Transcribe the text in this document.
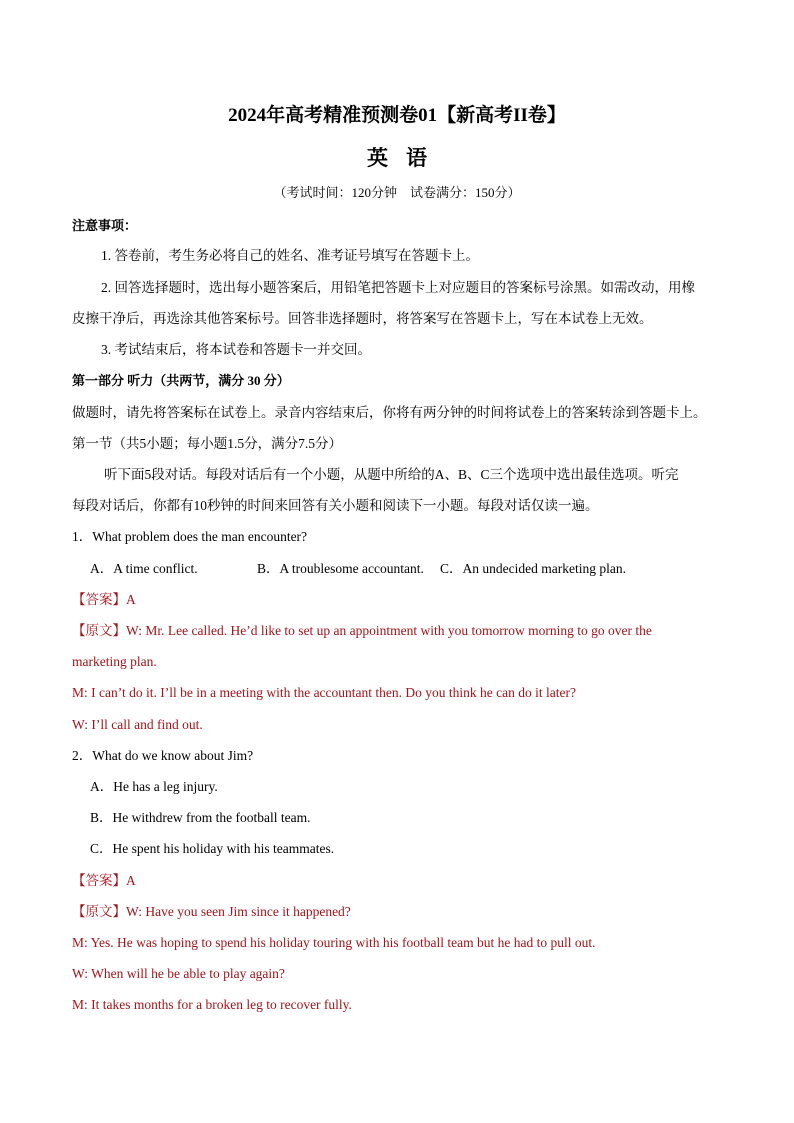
2024年高考精准预测卷01【新高考II卷】
英语
（考试时间：120分钟　试卷满分：150分）
注意事项：
1. 答卷前，考生务必将自己的姓名、准考证号填写在答题卡上。
2. 回答选择题时，选出每小题答案后，用铅笔把答题卡上对应题目的答案标号涂黑。如需改动，用橡
皮擦干净后，再选涂其他答案标号。回答非选择题时，将答案写在答题卡上，写在本试卷上无效。
3. 考试结束后，将本试卷和答题卡一并交回。
第一部分 听力（共两节，满分 30 分）
做题时，请先将答案标在试卷上。录音内容结束后，你将有两分钟的时间将试卷上的答案转涂到答题卡上。
第一节（共5小题；每小题1.5分，满分7.5分）
听下面5段对话。每段对话后有一个小题，从题中所给的A、B、C三个选项中选出最佳选项。听完
每段对话后，你都有10秒钟的时间来回答有关小题和阅读下一小题。每段对话仅读一遍。
1．What problem does the man encounter?
A．A time conflict.	B．A troublesome accountant. C．An undecided marketing plan.
【答案】A
【原文】W: Mr. Lee called. He’d like to set up an appointment with you tomorrow morning to go over the
marketing plan.
M: I can’t do it. I’ll be in a meeting with the accountant then. Do you think he can do it later?
W: I’ll call and find out.
2．What do we know about Jim?
A．He has a leg injury.
B．He withdrew from the football team.
C．He spent his holiday with his teammates.
【答案】A
【原文】W: Have you seen Jim since it happened?
M: Yes. He was hoping to spend his holiday touring with his football team but he had to pull out.
W: When will he be able to play again?
M: It takes months for a broken leg to recover fully.
